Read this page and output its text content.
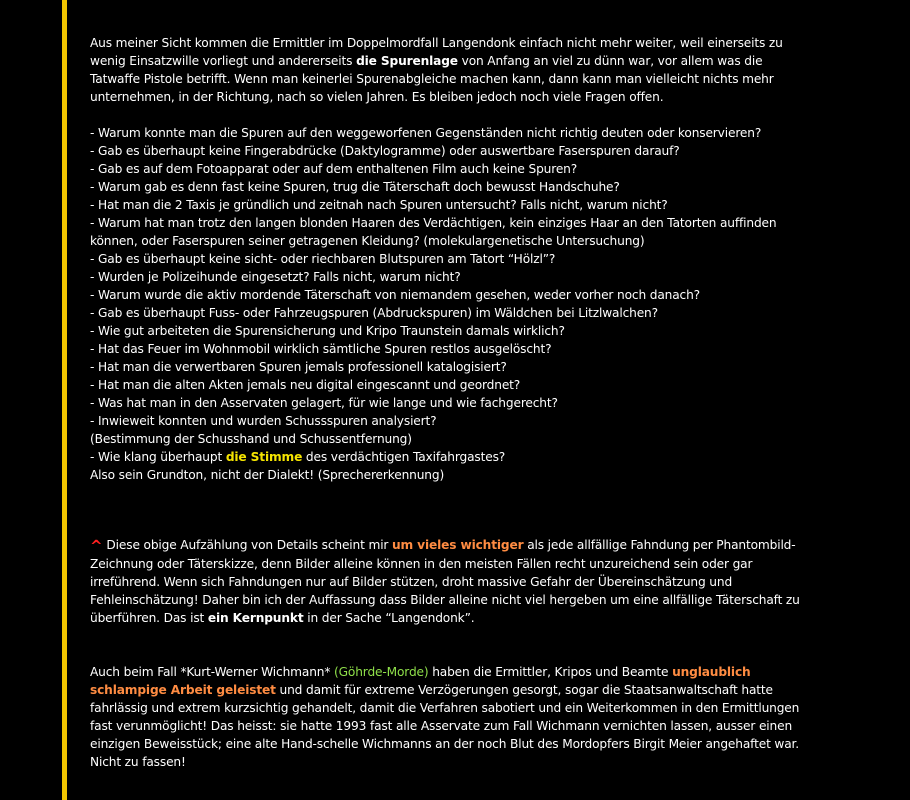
Aus meiner Sicht kommen die Ermittler im Doppelmordfall Langendonk einfach nicht mehr weiter, weil einerseits zu wenig Einsatzwille vorliegt und andererseits die Spurenlage von Anfang an viel zu dünn war, vor allem was die Tatwaffe Pistole betrifft. Wenn man keinerlei Spurenabgleiche machen kann, dann kann man vielleicht nichts mehr unternehmen, in der Richtung, nach so vielen Jahren. Es bleiben jedoch noch viele Fragen offen.

- Warum konnte man die Spuren auf den weggeworfenen Gegenständen nicht richtig deuten oder konservieren?

- Gab es überhaupt keine Fingerabdrücke (Daktylogramme) oder auswertbare Faserspuren darauf?

- Gab es auf dem Fotoapparat oder auf dem enthaltenen Film auch keine Spuren?

- Warum gab es denn fast keine Spuren, trug die Täterschaft doch bewusst Handschuhe?

- Hat man die 2 Taxis je gründlich und zeitnah nach Spuren untersucht? Falls nicht, warum nicht?

- Warum hat man trotz den langen blonden Haaren des Verdächtigen, kein einziges Haar an den Tatorten auffinden können, oder Faserspuren seiner getragenen Kleidung? (molekulargenetische Untersuchung)

- Gab es überhaupt keine sicht- oder riechbaren Blutspuren am Tatort “Hölzl”?

- Wurden je Polizeihunde eingesetzt? Falls nicht, warum nicht?

- Warum wurde die aktiv mordende Täterschaft von niemandem gesehen, weder vorher noch danach?

- Gab es überhaupt Fuss- oder Fahrzeugspuren (Abdruckspuren) im Wäldchen bei Litzlwalchen?

- Wie gut arbeiteten die Spurensicherung und Kripo Traunstein damals wirklich?

- Hat das Feuer im Wohnmobil wirklich sämtliche Spuren restlos ausgelöscht?

- Hat man die verwertbaren Spuren jemals professionell katalogisiert?

- Hat man die alten Akten jemals neu digital eingescannt und geordnet?

- Was hat man in den Asservaten gelagert, für wie lange und wie fachgerecht?

- Inwieweit konnten und wurden Schussspuren analysiert?

(Bestimmung der Schusshand und Schussentfernung)

- Wie klang überhaupt die Stimme des verdächtigen Taxifahrgastes?

Also sein Grundton, nicht der Dialekt! (Sprechererkennung)

^ Diese obige Aufzählung von Details scheint mir um vieles wichtiger als jede allfällige Fahndung per Phantombild-Zeichnung oder Täterskizze, denn Bilder alleine können in den meisten Fällen recht unzureichend sein oder gar irreführend. Wenn sich Fahndungen nur auf Bilder stützen, droht massive Gefahr der Übereinschätzung und Fehleinschätzung! Daher bin ich der Auffassung dass Bilder alleine nicht viel hergeben um eine allfällige Täterschaft zu überführen. Das ist ein Kernpunkt in der Sache “Langendonk”.

Auch beim Fall *Kurt-Werner Wichmann* (Göhrde-Morde) haben die Ermittler, Kripos und Beamte unglaublich schlampige Arbeit geleistet und damit für extreme Verzögerungen gesorgt, sogar die Staatsanwaltschaft hatte fahrlässig und extrem kurzsichtig gehandelt, damit die Verfahren sabotiert und ein Weiterkommen in den Ermittlungen fast verunmöglicht! Das heisst: sie hatte 1993 fast alle Asservate zum Fall Wichmann vernichten lassen, ausser einen einzigen Beweisstück; eine alte Hand-schelle Wichmanns an der noch Blut des Mordopfers Birgit Meier angehaftet war. Nicht zu fassen!
